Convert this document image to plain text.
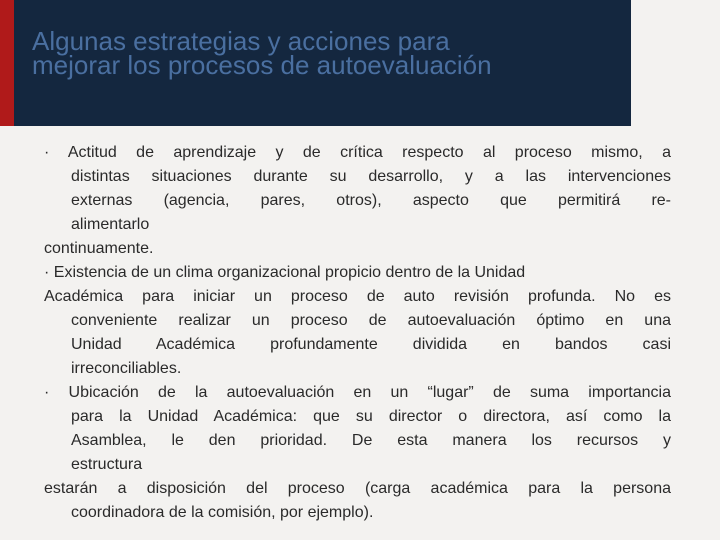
Algunas estrategias y acciones para
mejorar los procesos de autoevaluación
· Actitud de aprendizaje y de crítica respecto al proceso mismo, a
distintas situaciones durante su desarrollo, y a las intervenciones
externas (agencia, pares, otros), aspecto que permitirá re-
alimentarlo
continuamente.
· Existencia de un clima organizacional propicio dentro de la Unidad
Académica para iniciar un proceso de auto revisión profunda. No es
conveniente realizar un proceso de autoevaluación óptimo en una
Unidad Académica profundamente dividida en bandos casi
irreconciliables.
· Ubicación de la autoevaluación en un “lugar” de suma importancia
para la Unidad Académica: que su director o directora, así como la
Asamblea, le den prioridad. De esta manera los recursos y
estructura
estarán a disposición del proceso (carga académica para la persona
coordinadora de la comisión, por ejemplo).
